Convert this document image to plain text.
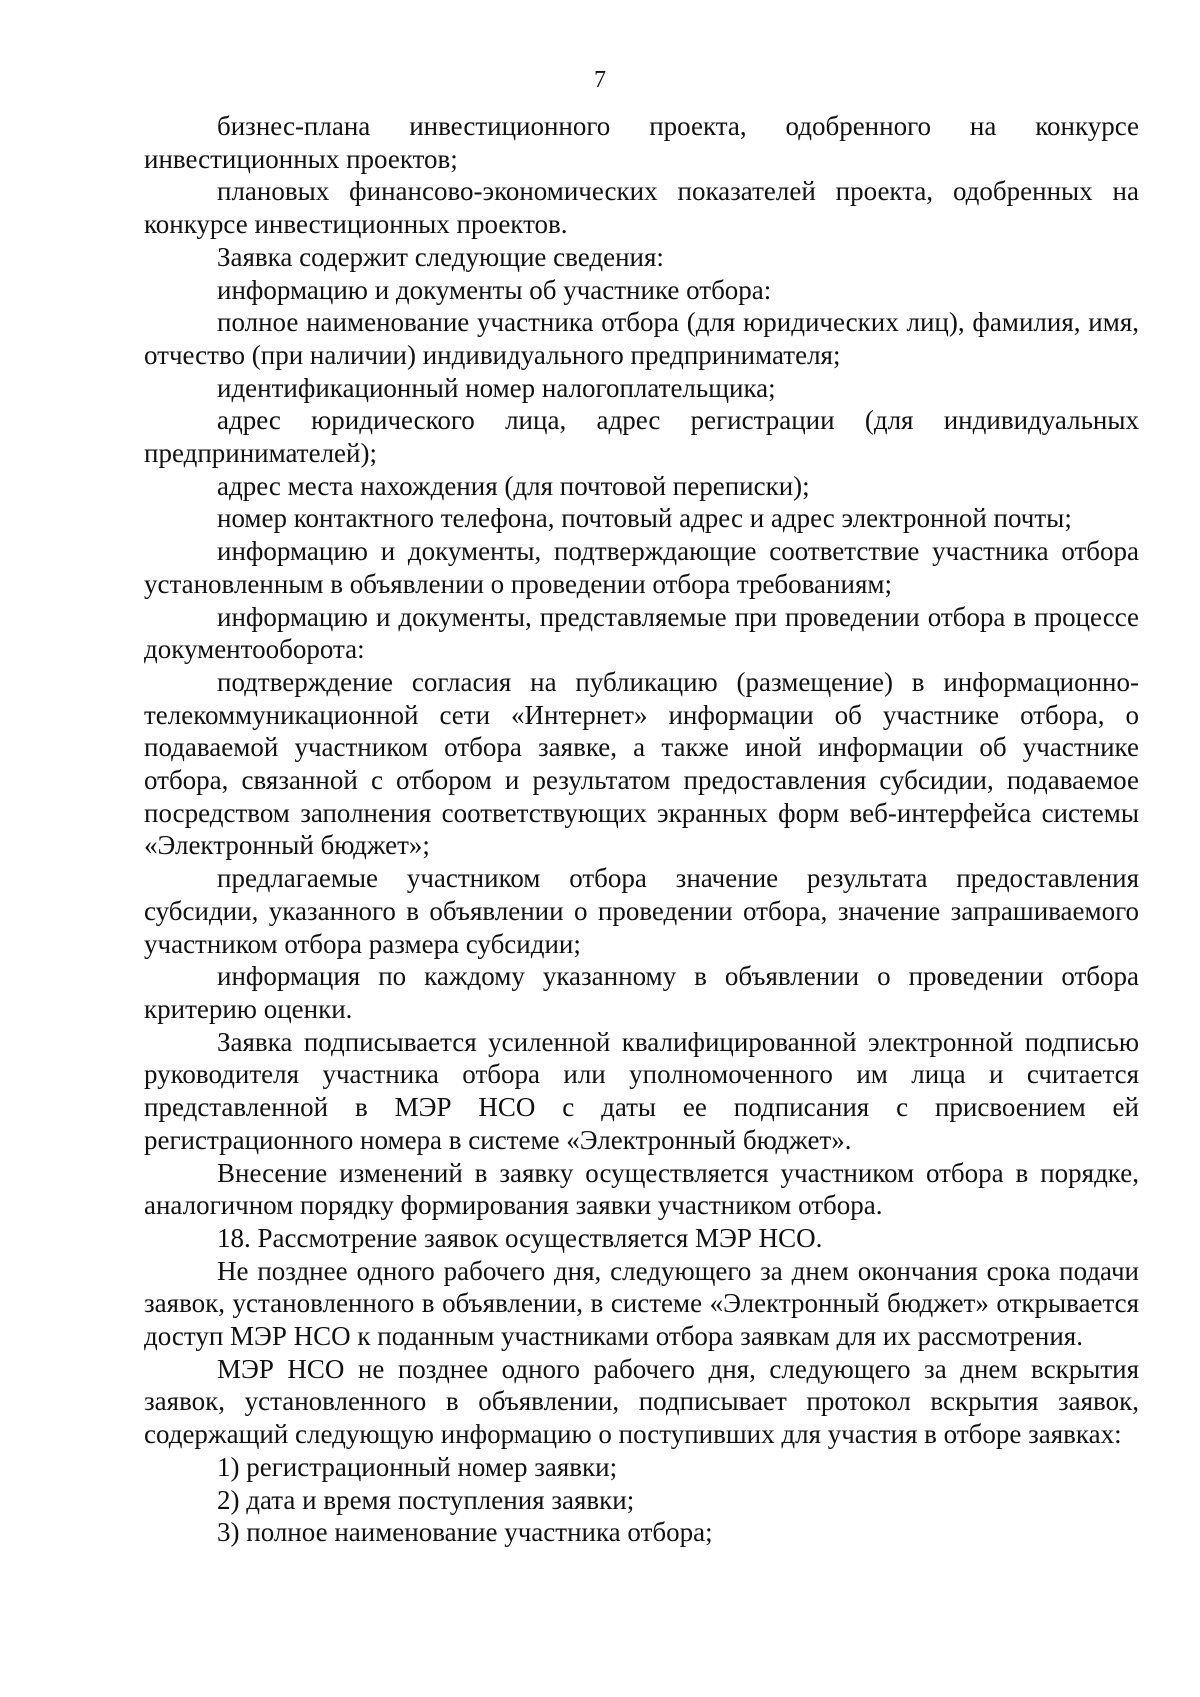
7

бизнес-плана инвестиционного проекта, одобренного на конкурсе инвестиционных проектов;

плановых финансово-экономических показателей проекта, одобренных на конкурсе инвестиционных проектов.

Заявка содержит следующие сведения:

информацию и документы об участнике отбора:

полное наименование участника отбора (для юридических лиц), фамилия, имя, отчество (при наличии) индивидуального предпринимателя;

идентификационный номер налогоплательщика;

адрес юридического лица, адрес регистрации (для индивидуальных предпринимателей);

адрес места нахождения (для почтовой переписки);

номер контактного телефона, почтовый адрес и адрес электронной почты;

информацию и документы, подтверждающие соответствие участника отбора установленным в объявлении о проведении отбора требованиям;

информацию и документы, представляемые при проведении отбора в процессе документооборота:

подтверждение согласия на публикацию (размещение) в информационно-телекоммуникационной сети «Интернет» информации об участнике отбора, о подаваемой участником отбора заявке, а также иной информации об участнике отбора, связанной с отбором и результатом предоставления субсидии, подаваемое посредством заполнения соответствующих экранных форм веб-интерфейса системы «Электронный бюджет»;

предлагаемые участником отбора значение результата предоставления субсидии, указанного в объявлении о проведении отбора, значение запрашиваемого участником отбора размера субсидии;

информация по каждому указанному в объявлении о проведении отбора критерию оценки.

Заявка подписывается усиленной квалифицированной электронной подписью руководителя участника отбора или уполномоченного им лица и считается представленной в МЭР НСО с даты ее подписания с присвоением ей регистрационного номера в системе «Электронный бюджет».

Внесение изменений в заявку осуществляется участником отбора в порядке, аналогичном порядку формирования заявки участником отбора.

18. Рассмотрение заявок осуществляется МЭР НСО.

Не позднее одного рабочего дня, следующего за днем окончания срока подачи заявок, установленного в объявлении, в системе «Электронный бюджет» открывается доступ МЭР НСО к поданным участниками отбора заявкам для их рассмотрения.

МЭР НСО не позднее одного рабочего дня, следующего за днем вскрытия заявок, установленного в объявлении, подписывает протокол вскрытия заявок, содержащий следующую информацию о поступивших для участия в отборе заявках:

1) регистрационный номер заявки;

2) дата и время поступления заявки;

3) полное наименование участника отбора;
